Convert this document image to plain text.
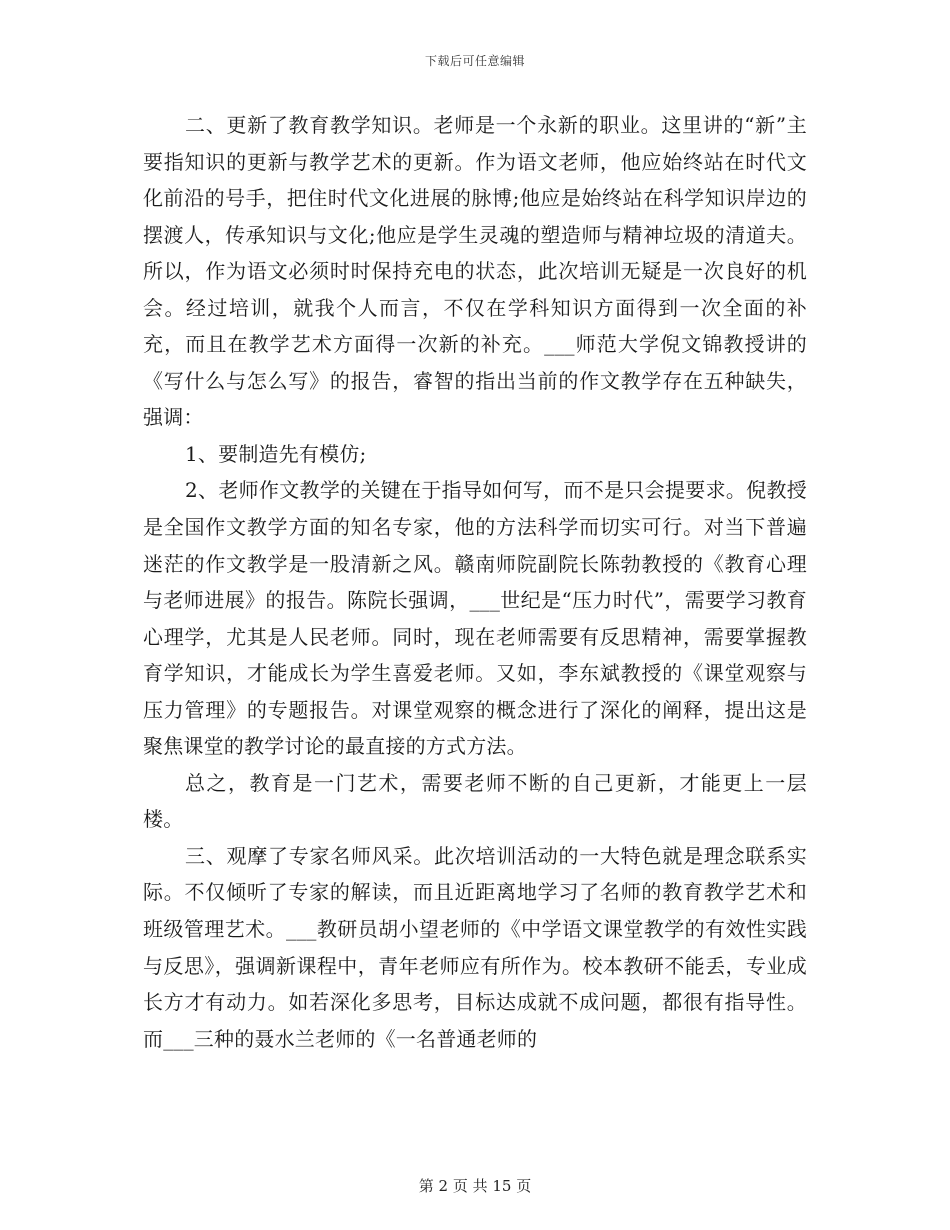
下载后可任意编辑

二、更新了教育教学知识。老师是一个永新的职业。这里讲的“新”主要指知识的更新与教学艺术的更新。作为语文老师，他应始终站在时代文化前沿的号手，把住时代文化进展的脉博;他应是始终站在科学知识岸边的摆渡人，传承知识与文化;他应是学生灵魂的塑造师与精神垃圾的清道夫。所以，作为语文必须时时保持充电的状态，此次培训无疑是一次良好的机会。经过培训，就我个人而言，不仅在学科知识方面得到一次全面的补充，而且在教学艺术方面得一次新的补充。___师范大学倪文锦教授讲的《写什么与怎么写》的报告，睿智的指出当前的作文教学存在五种缺失，强调：

1、要制造先有模仿;

2、老师作文教学的关键在于指导如何写，而不是只会提要求。倪教授是全国作文教学方面的知名专家，他的方法科学而切实可行。对当下普遍迷茫的作文教学是一股清新之风。赣南师院副院长陈勃教授的《教育心理与老师进展》的报告。陈院长强调，___世纪是“压力时代”，需要学习教育心理学，尤其是人民老师。同时，现在老师需要有反思精神，需要掌握教育学知识，才能成长为学生喜爱老师。又如，李东斌教授的《课堂观察与压力管理》的专题报告。对课堂观察的概念进行了深化的阐释，提出这是聚焦课堂的教学讨论的最直接的方式方法。

总之，教育是一门艺术，需要老师不断的自己更新，才能更上一层楼。

三、观摩了专家名师风采。此次培训活动的一大特色就是理念联系实际。不仅倾听了专家的解读，而且近距离地学习了名师的教育教学艺术和班级管理艺术。___教研员胡小望老师的《中学语文课堂教学的有效性实践与反思》，强调新课程中，青年老师应有所作为。校本教研不能丢，专业成长方才有动力。如若深化多思考，目标达成就不成问题，都很有指导性。而___三种的聂水兰老师的《一名普通老师的

第 2 页 共 15 页
